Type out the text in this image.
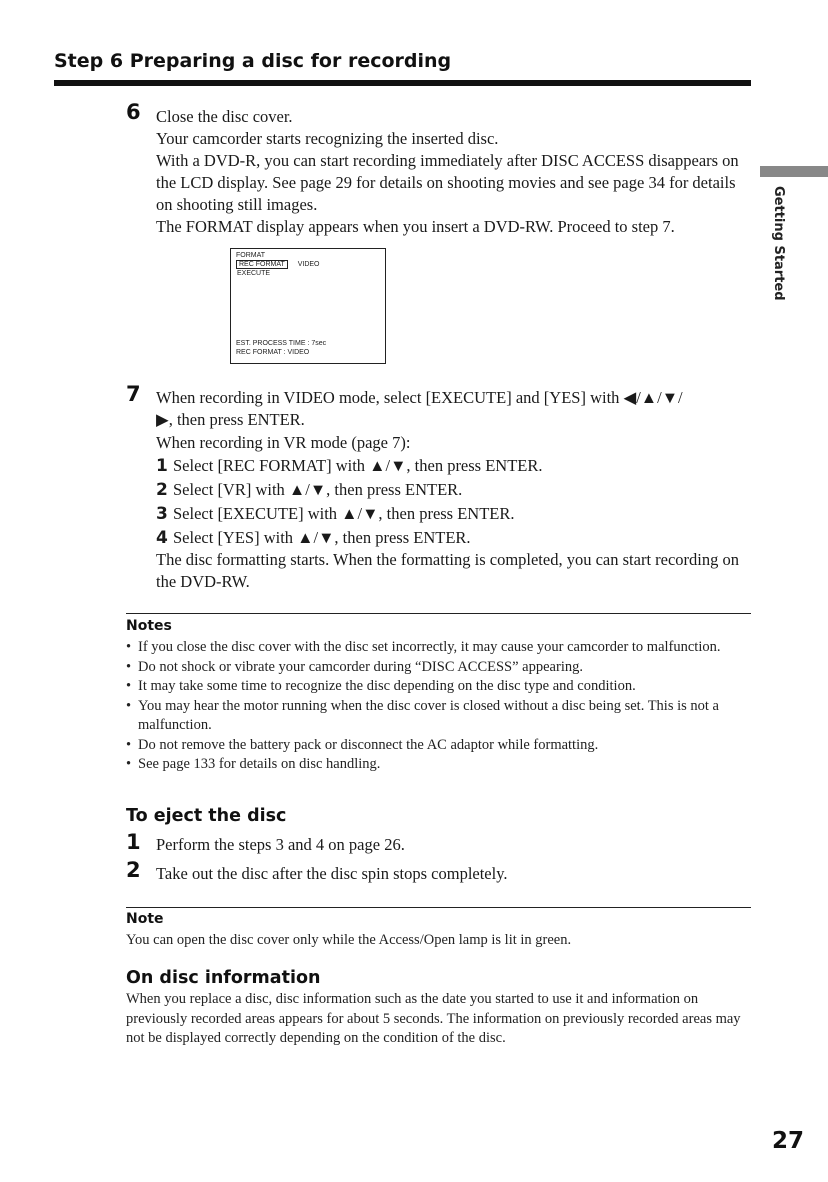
Step 6 Preparing a disc for recording
Getting Started
6 Close the disc cover.

Your camcorder starts recognizing the inserted disc.

With a DVD-R, you can start recording immediately after DISC ACCESS disappears on the LCD display. See page 29 for details on shooting movies and see page 34 for details on shooting still images.

The FORMAT display appears when you insert a DVD-RW. Proceed to step 7.

FORMAT
REC FORMAT VIDEO
EXECUTE
EST. PROCESS TIME : 7sec
REC FORMAT : VIDEO
7 When recording in VIDEO mode, select [EXECUTE] and [YES] with ◀/▲/▼/
▶, then press ENTER.
When recording in VR mode (page 7):
1 Select [REC FORMAT] with ▲/▼, then press ENTER.
2 Select [VR] with ▲/▼, then press ENTER.
3 Select [EXECUTE] with ▲/▼, then press ENTER.
4 Select [YES] with ▲/▼, then press ENTER.
The disc formatting starts. When the formatting is completed, you can start recording on the DVD-RW.
Notes
• If you close the disc cover with the disc set incorrectly, it may cause your camcorder to malfunction.
• Do not shock or vibrate your camcorder during “DISC ACCESS” appearing.
• It may take some time to recognize the disc depending on the disc type and condition.
• You may hear the motor running when the disc cover is closed without a disc being set. This is not a malfunction.
• Do not remove the battery pack or disconnect the AC adaptor while formatting.
• See page 133 for details on disc handling.
To eject the disc
1 Perform the steps 3 and 4 on page 26.
2 Take out the disc after the disc spin stops completely.
Note
You can open the disc cover only while the Access/Open lamp is lit in green.
On disc information
When you replace a disc, disc information such as the date you started to use it and information on previously recorded areas appears for about 5 seconds. The information on previously recorded areas may not be displayed correctly depending on the condition of the disc.
27
